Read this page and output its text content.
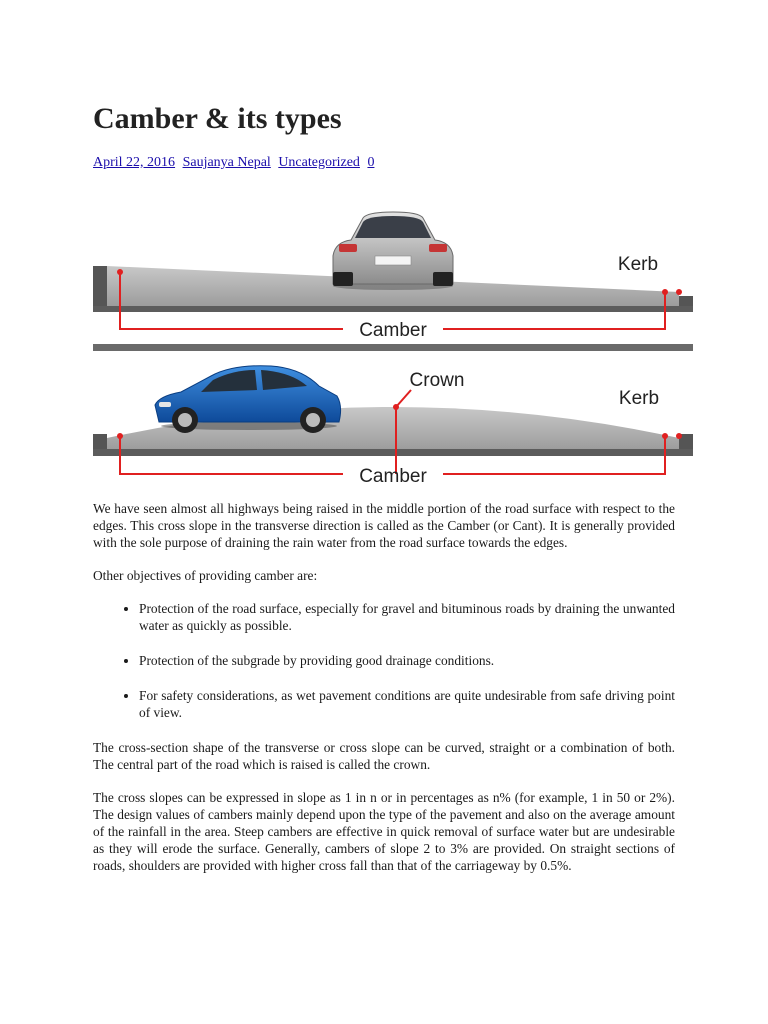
Camber & its types
April 22, 2016 Saujanya Nepal Uncategorized 0
Camber
Kerb
Camber
Crown
Kerb

We have seen almost all highways being raised in the middle portion of the road surface with respect to the edges. This cross slope in the transverse direction is called as the Camber (or Cant). It is generally provided with the sole purpose of draining the rain water from the road surface towards the edges.

Other objectives of providing camber are:

• Protection of the road surface, especially for gravel and bituminous roads by draining the unwanted water as quickly as possible.
• Protection of the subgrade by providing good drainage conditions.
• For safety considerations, as wet pavement conditions are quite undesirable from safe driving point of view.

The cross-section shape of the transverse or cross slope can be curved, straight or a combination of both. The central part of the road which is raised is called the crown.

The cross slopes can be expressed in slope as 1 in n or in percentages as n% (for example, 1 in 50 or 2%). The design values of cambers mainly depend upon the type of the pavement and also on the average amount of the rainfall in the area. Steep cambers are effective in quick removal of surface water but are undesirable as they will erode the surface. Generally, cambers of slope 2 to 3% are provided. On straight sections of roads, shoulders are provided with higher cross fall than that of the carriageway by 0.5%.
